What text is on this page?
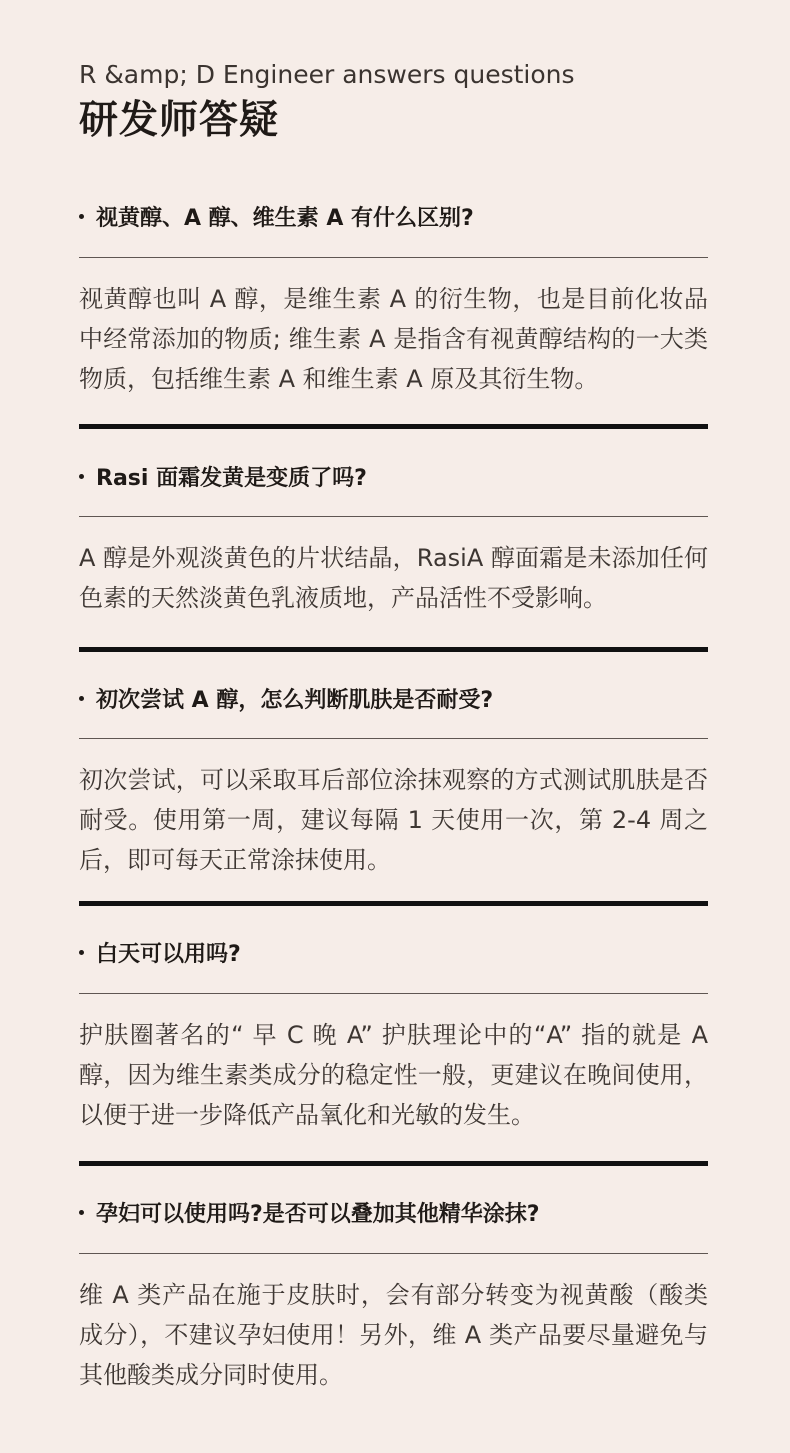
R &amp; D Engineer answers questions
研发师答疑
视黄醇、A 醇、维生素 A 有什么区别?
视黄醇也叫 A 醇，是维生素 A 的衍生物，也是目前化妆品中经常添加的物质; 维生素 A 是指含有视黄醇结构的一大类物质，包括维生素 A 和维生素 A 原及其衍生物。
Rasi 面霜发黄是变质了吗?
A 醇是外观淡黄色的片状结晶，RasiA 醇面霜是未添加任何色素的天然淡黄色乳液质地，产品活性不受影响。
初次尝试 A 醇，怎么判断肌肤是否耐受?
初次尝试，可以采取耳后部位涂抹观察的方式测试肌肤是否耐受。使用第一周，建议每隔 1 天使用一次，第 2-4 周之后，即可每天正常涂抹使用。
白天可以用吗?
护肤圈著名的“ 早 C 晚 A” 护肤理论中的“A” 指的就是 A 醇，因为维生素类成分的稳定性一般，更建议在晚间使用，以便于进一步降低产品氧化和光敏的发生。
孕妇可以使用吗?是否可以叠加其他精华涂抹?
维 A 类产品在施于皮肤时，会有部分转变为视黄酸（酸类成分），不建议孕妇使用！另外，维 A 类产品要尽量避免与其他酸类成分同时使用。
